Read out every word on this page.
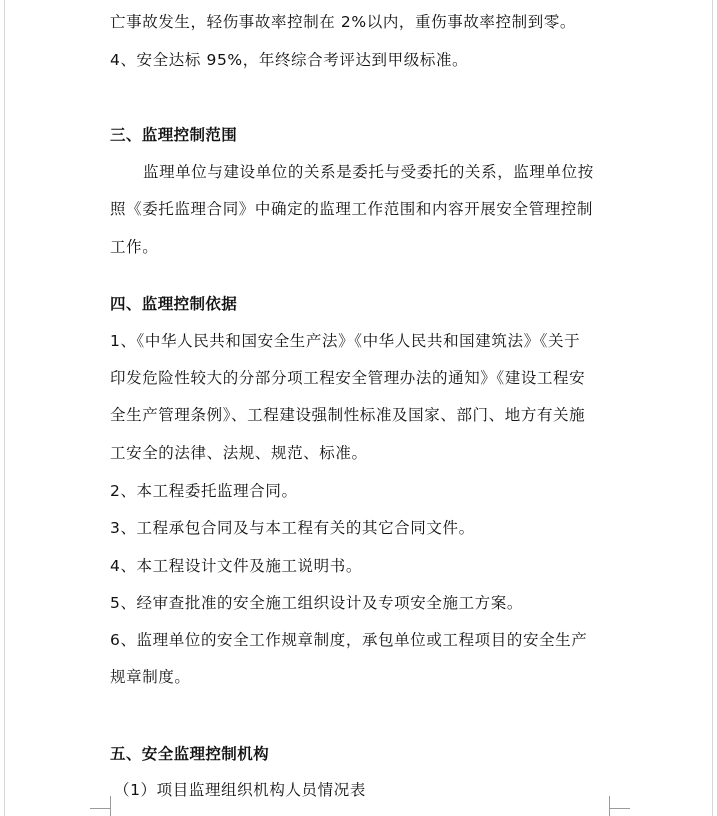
亡事故发生，轻伤事故率控制在 2%以内，重伤事故率控制到零。
4、安全达标 95%，年终综合考评达到甲级标准。
三、监理控制范围
监理单位与建设单位的关系是委托与受委托的关系，监理单位按
照《委托监理合同》中确定的监理工作范围和内容开展安全管理控制
工作。
四、监理控制依据
1、《中华人民共和国安全生产法》《中华人民共和国建筑法》《关于
印发危险性较大的分部分项工程安全管理办法的通知》《建设工程安
全生产管理条例》、工程建设强制性标准及国家、部门、地方有关施
工安全的法律、法规、规范、标准。
2、本工程委托监理合同。
3、工程承包合同及与本工程有关的其它合同文件。
4、本工程设计文件及施工说明书。
5、经审查批准的安全施工组织设计及专项安全施工方案。
6、监理单位的安全工作规章制度，承包单位或工程项目的安全生产
规章制度。
五、安全监理控制机构
（1）项目监理组织机构人员情况表
